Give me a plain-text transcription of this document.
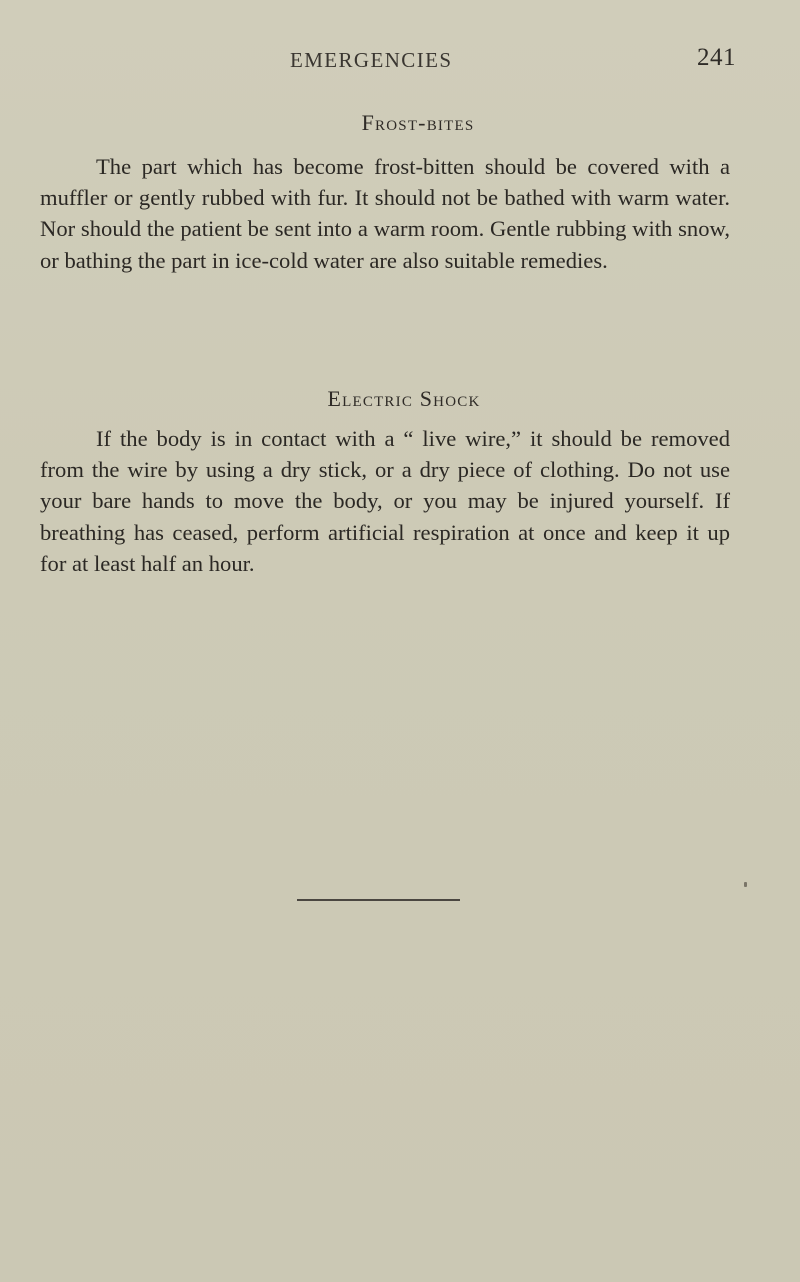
EMERGENCIES	241
Frost-bites

The part which has become frost-bitten should be covered with a muffler or gently rubbed with fur. It should not be bathed with warm water. Nor should the patient be sent into a warm room. Gentle rubbing with snow, or bathing the part in ice-cold water are also suitable remedies.

Electric Shock

If the body is in contact with a “ live wire,” it should be removed from the wire by using a dry stick, or a dry piece of clothing. Do not use your bare hands to move the body, or you may be injured yourself. If breathing has ceased, perform artificial respiration at once and keep it up for at least half an hour.
